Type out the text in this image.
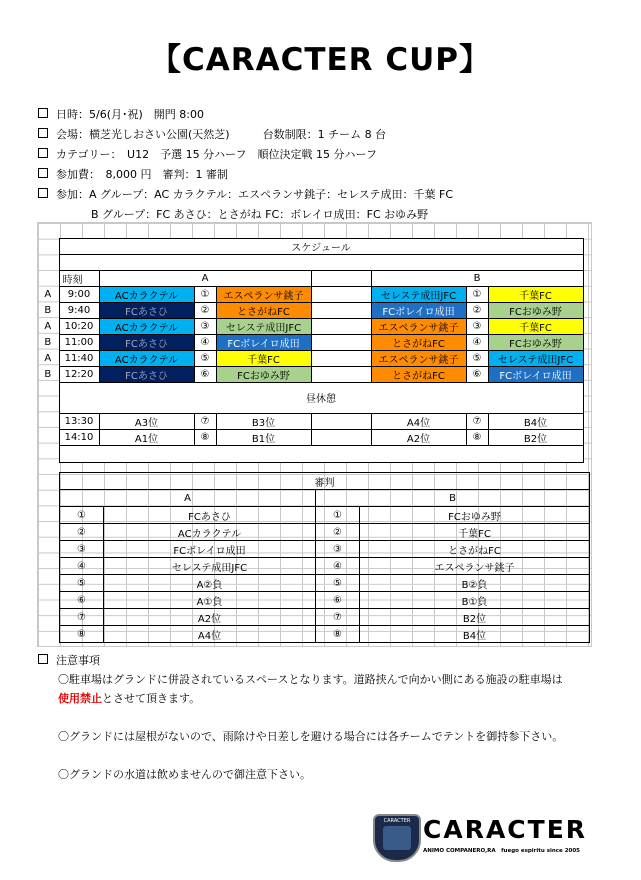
【CARACTER CUP】
日時：5/6(月･祝)　開門 8:00
会場：横芝光しおさい公園(天然芝)　　　台数制限：1 チーム 8 台
カテゴリー：　U12　予選 15 分ハーフ　順位決定戦 15 分ハーフ
参加費：　8,000 円　審判：1 審制
参加：A グループ：AC カラクテル：エスペランサ銚子：セレステ成田：千葉 FC
B グループ：FC あさひ：とさがね FC：ボレイロ成田：FC おゆみ野
	スケジュール							

	時刻	A				B		
A	9:00	ACカラクテル	①	エスペランサ銚子		セレステ成田JFC	①	千葉FC
B	9:40	FCあさひ	②	とさがねFC		FCボレイロ成田	②	FCおゆみ野
A	10:20	ACカラクテル	③	セレステ成田JFC		エスペランサ銚子	③	千葉FC
B	11:00	FCあさひ	④	FCボレイロ成田		とさがねFC	④	FCおゆみ野
A	11:40	ACカラクテル	⑤	千葉FC		エスペランサ銚子	⑤	セレステ成田JFC
B	12:20	FCあさひ	⑥	FCおゆみ野		とさがねFC	⑥	FCボレイロ成田
	昼休憩							
	13:30	A3位	⑦	B3位		A4位	⑦	B4位
	14:10	A1位	⑧	B1位		A2位	⑧	B2位

審判			
A		B	
①	FCあさひ	①	FCおゆみ野
②	ACカラクテル	②	千葉FC
③	FCボレイロ成田	③	とさがねFC
④	セレステ成田JFC	④	エスペランサ銚子
⑤	A②負	⑤	B②負
⑥	A①負	⑥	B①負
⑦	A2位	⑦	B2位
⑧	A4位	⑧	B4位
注意事項
〇駐車場はグランドに併設されているスペースとなります。道路挟んで向かい側にある施設の駐車場は
使用禁止とさせて頂きます。
〇グランドには屋根がないので、雨除けや日差しを避ける場合には各チームでテントを御持参下さい。
〇グランドの水道は飲めませんので御注意下さい。
CARACTER CARACTER
ANIMO COMPANERO,RA　fuego espiritu since 2005
